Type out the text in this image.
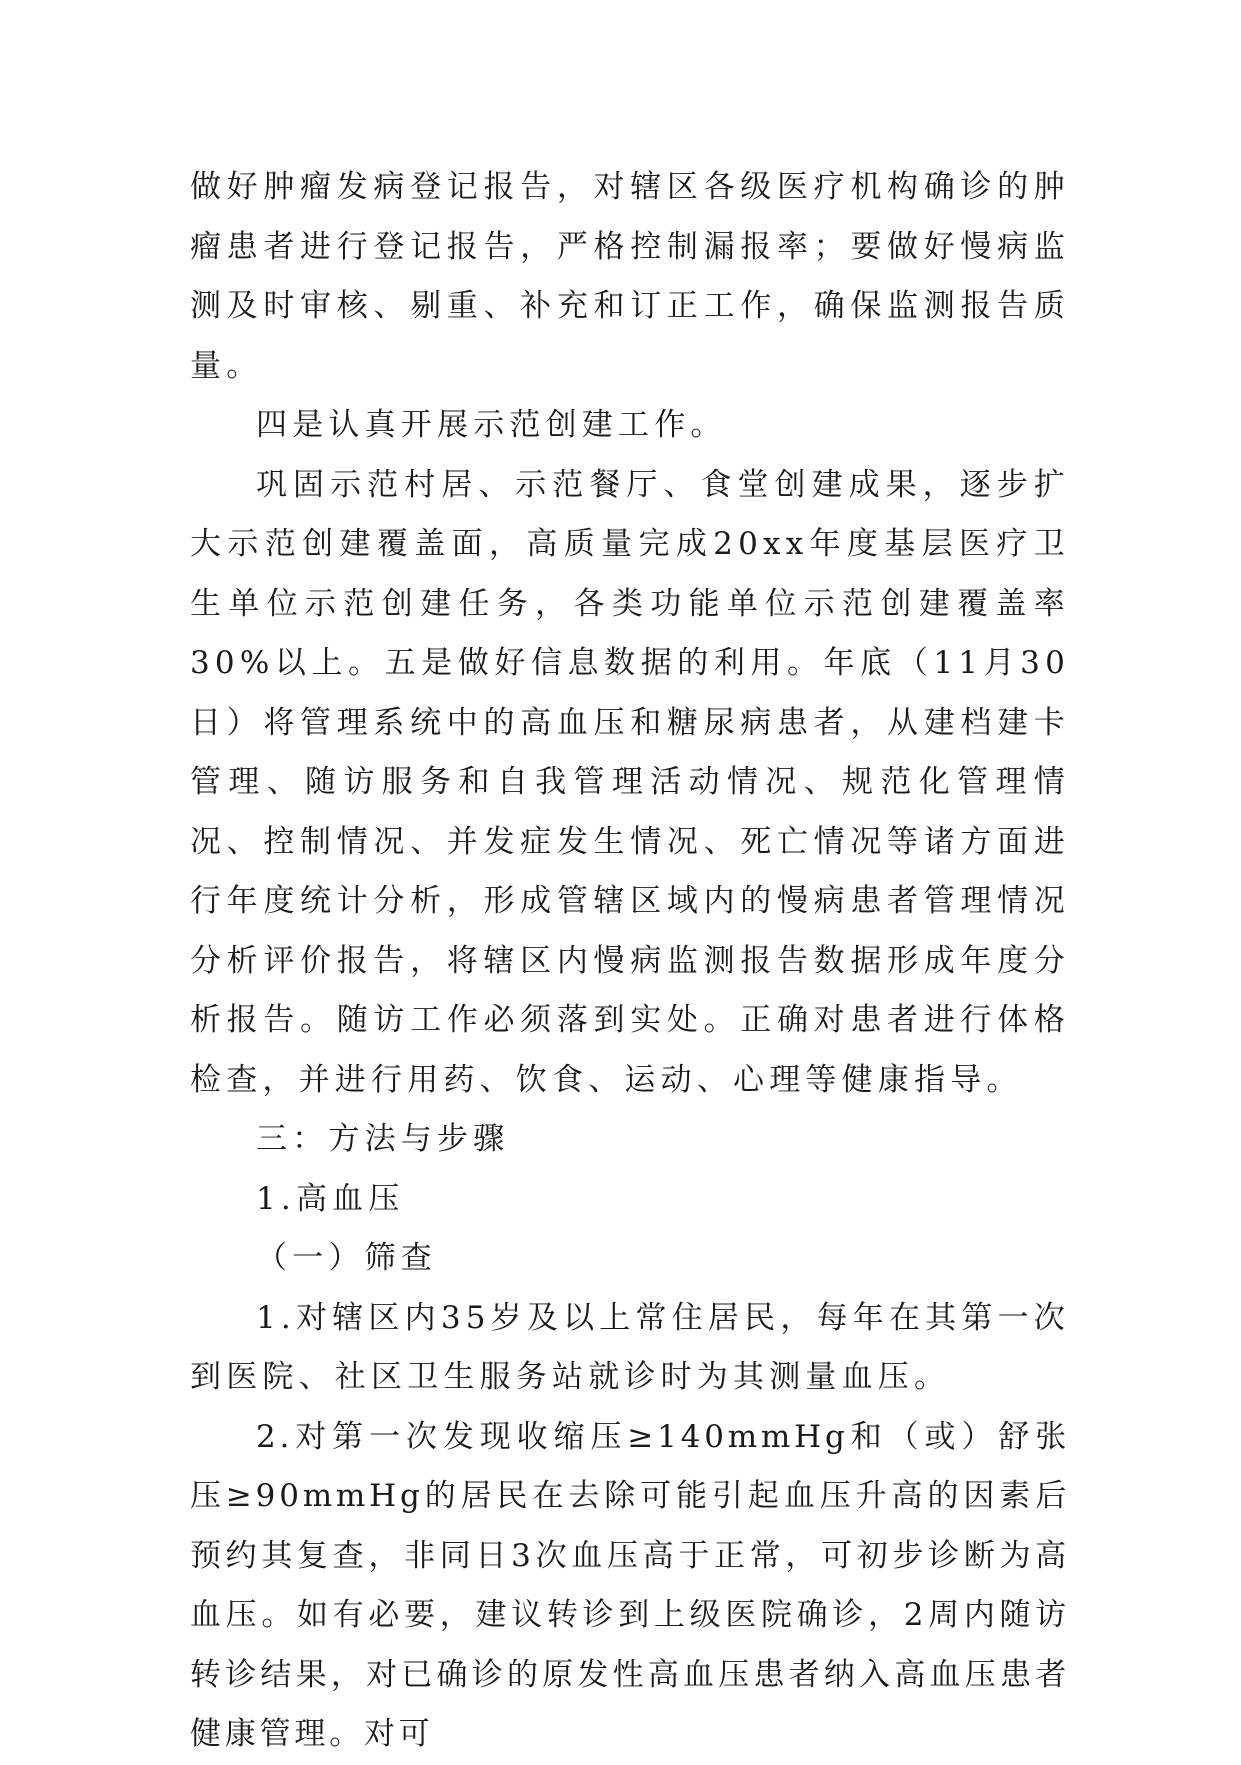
做好肿瘤发病登记报告，对辖区各级医疗机构确诊的肿瘤患者进行登记报告，严格控制漏报率；要做好慢病监测及时审核、剔重、补充和订正工作，确保监测报告质量。

四是认真开展示范创建工作。

巩固示范村居、示范餐厅、食堂创建成果，逐步扩大示范创建覆盖面，高质量完成20xx年度基层医疗卫生单位示范创建任务，各类功能单位示范创建覆盖率30%以上。五是做好信息数据的利用。年底（11月30日）将管理系统中的高血压和糖尿病患者，从建档建卡管理、随访服务和自我管理活动情况、规范化管理情况、控制情况、并发症发生情况、死亡情况等诸方面进行年度统计分析，形成管辖区域内的慢病患者管理情况分析评价报告，将辖区内慢病监测报告数据形成年度分析报告。随访工作必须落到实处。正确对患者进行体格检查，并进行用药、饮食、运动、心理等健康指导。

三：方法与步骤

1.高血压

（一）筛查

1.对辖区内35岁及以上常住居民，每年在其第一次到医院、社区卫生服务站就诊时为其测量血压。

2.对第一次发现收缩压≥140mmHg和（或）舒张压≥90mmHg的居民在去除可能引起血压升高的因素后预约其复查，非同日3次血压高于正常，可初步诊断为高血压。如有必要，建议转诊到上级医院确诊，2周内随访转诊结果，对已确诊的原发性高血压患者纳入高血压患者健康管理。对可
